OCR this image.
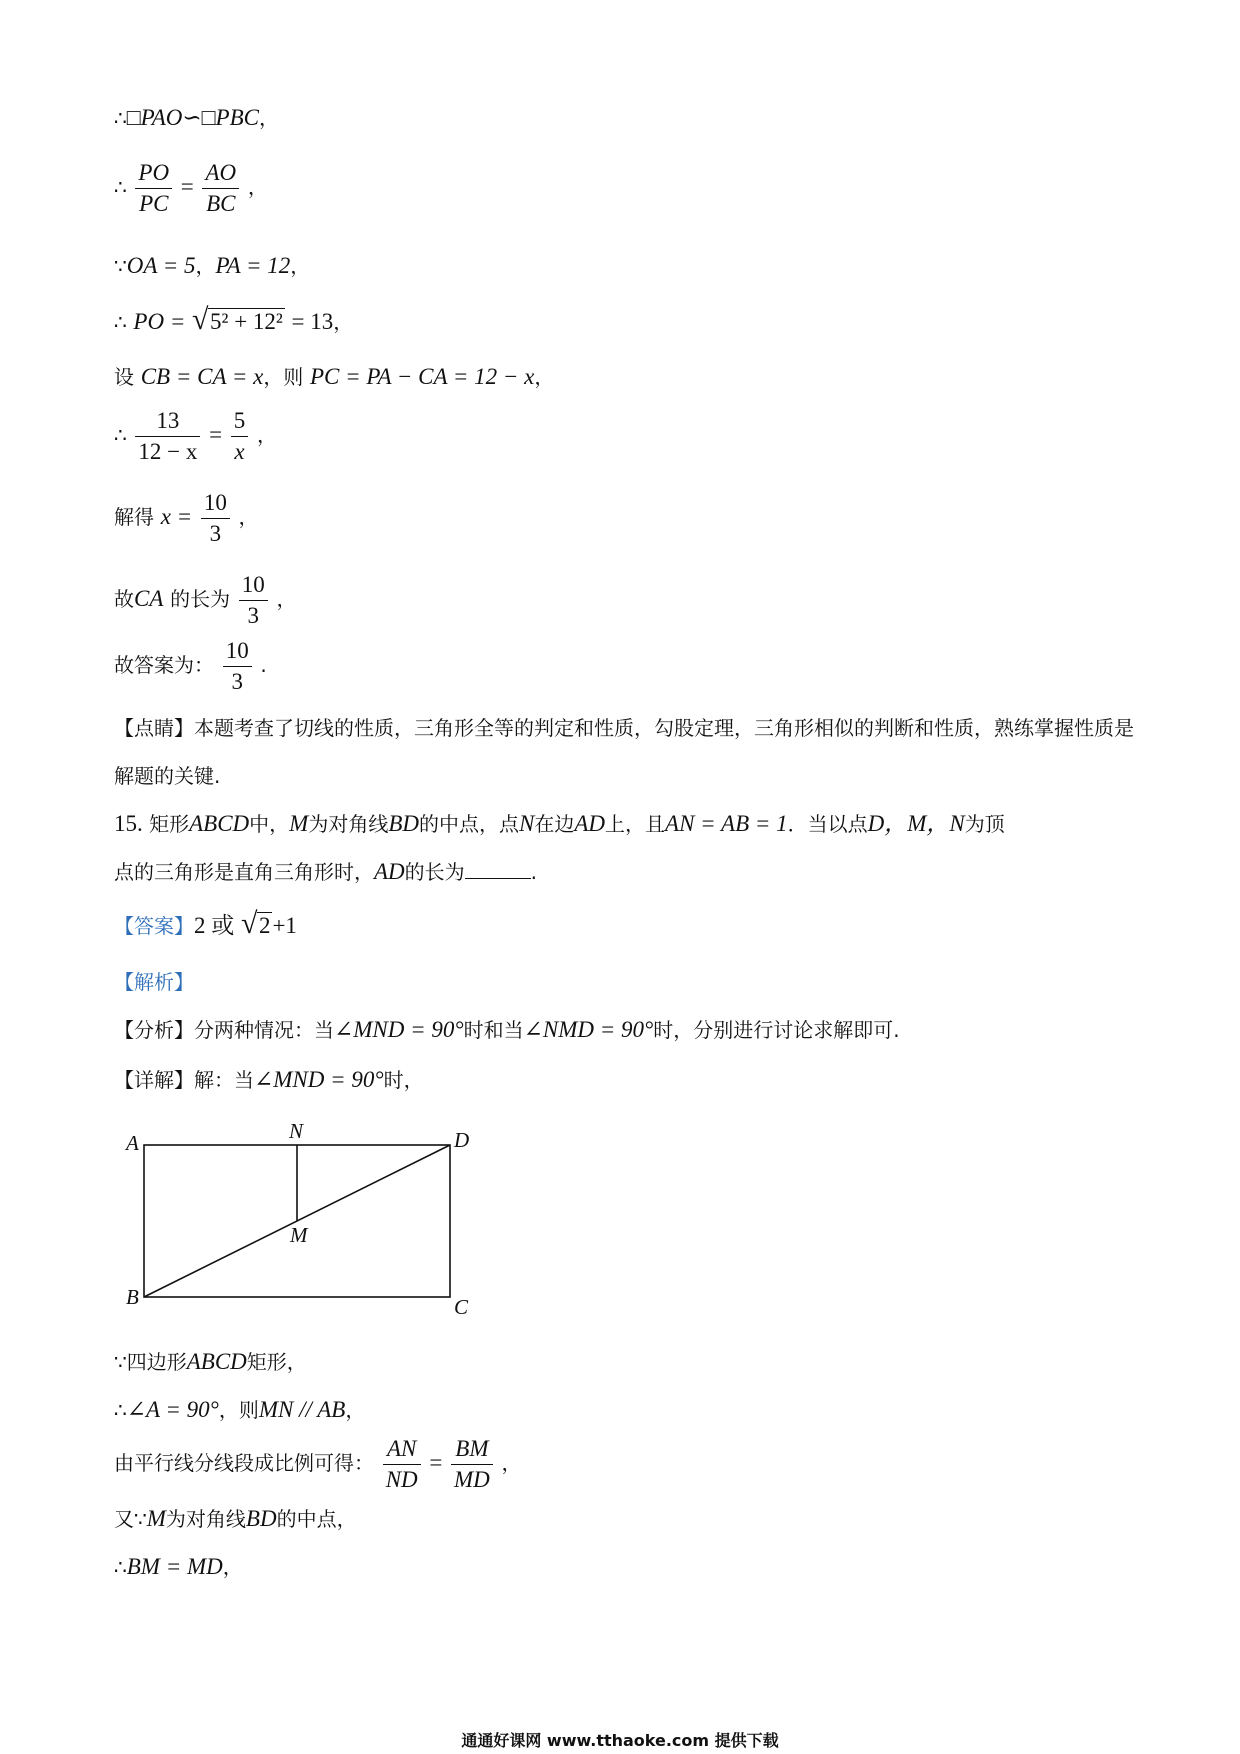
∴□PAO∽□PBC，
∴ $\frac{PO}{PC} = \frac{AO}{BC}$ ，
∵OA = 5，PA = 12，
∴ PO = √ 5² + 12² = 13，
设 CB = CA = x，则 PC = PA − CA = 12 − x，
∴ $\frac{13}{12 - x} = \frac{5}{x}$ ，
解得 $x = \frac{10}{3}$ ，
故CA 的长为 $\frac{10}{3}$ ，
故答案为： $\frac{10}{3}$ .
【点睛】本题考查了切线的性质，三角形全等的判定和性质，勾股定理，三角形相似的判断和性质，熟练掌握性质是解题的关键.
15. 矩形ABCD中，M为对角线BD的中点，点N在边AD上，且AN = AB = 1．当以点D，M，N为顶
点的三角形是直角三角形时，AD的长为	.
【答案】2 或 √ 2+1
【解析】
【分析】分两种情况：当∠MND = 90°时和当∠NMD = 90°时，分别进行讨论求解即可.
【详解】解：当∠MND = 90°时，
A	N	D
M
B	C
∵四边形ABCD矩形，
∴∠A = 90°，则MN // AB，
由平行线分线段成比例可得： $\frac{AN}{ND} = \frac{BM}{MD}$ ，
又∵M为对角线BD的中点，
∴BM = MD，
通通好课网 www.tthaoke.com 提供下载
